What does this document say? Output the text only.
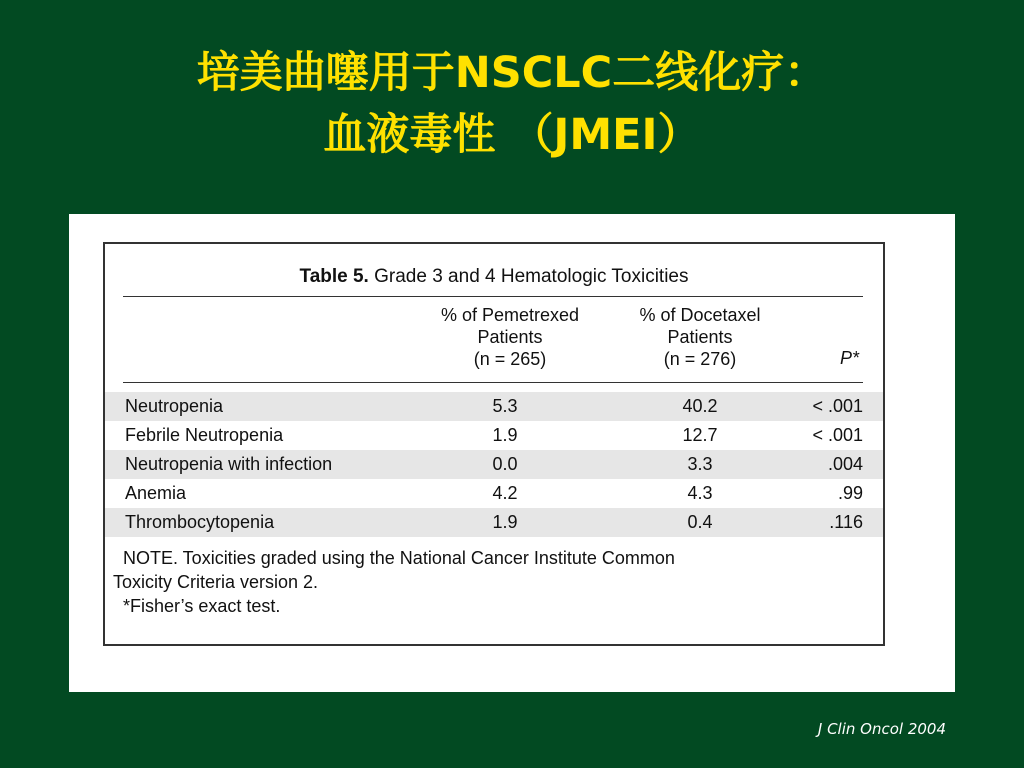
培美曲噻用于NSCLC二线化疗：
血液毒性 （JMEI）
Table 5. Grade 3 and 4 Hematologic Toxicities
% of Pemetrexed
Patients
(n = 265)
% of Docetaxel
Patients
(n = 276)	P*
Neutropenia	5.3	40.2	< .001
Febrile Neutropenia	1.9	12.7	< .001
Neutropenia with infection	0.0	3.3	.004
Anemia	4.2	4.3	.99
Thrombocytopenia	1.9	0.4	.116
NOTE. Toxicities graded using the National Cancer Institute Common
Toxicity Criteria version 2.
*Fisher’s exact test.
J Clin Oncol 2004
